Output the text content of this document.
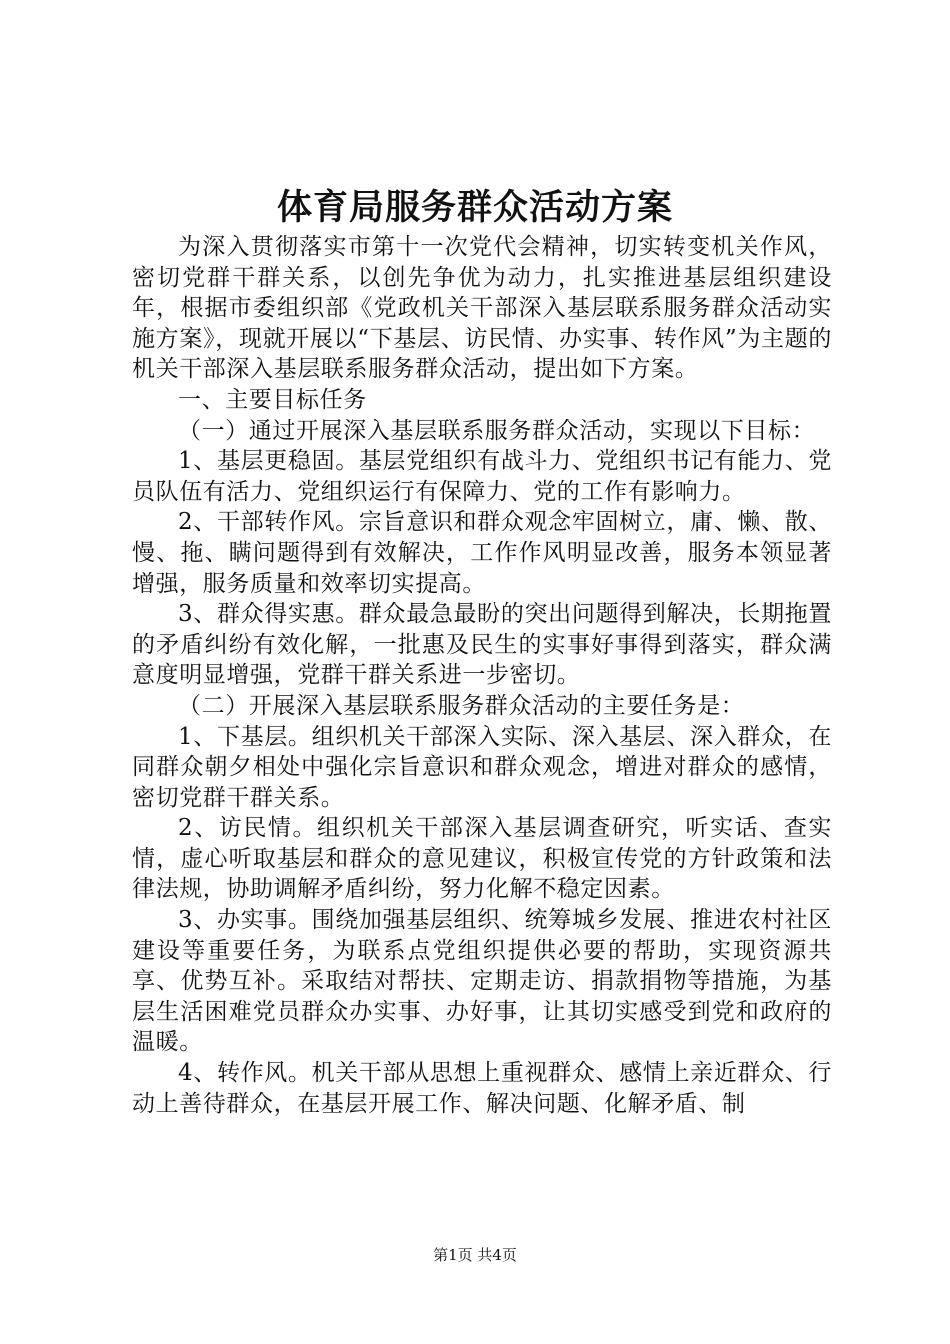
体育局服务群众活动方案

为深入贯彻落实市第十一次党代会精神，切实转变机关作风，密切党群干群关系，以创先争优为动力，扎实推进基层组织建设年，根据市委组织部《党政机关干部深入基层联系服务群众活动实施方案》，现就开展以“下基层、访民情、办实事、转作风”为主题的机关干部深入基层联系服务群众活动，提出如下方案。

一、主要目标任务

（一）通过开展深入基层联系服务群众活动，实现以下目标：

1、基层更稳固。基层党组织有战斗力、党组织书记有能力、党员队伍有活力、党组织运行有保障力、党的工作有影响力。

2、干部转作风。宗旨意识和群众观念牢固树立，庸、懒、散、慢、拖、瞒问题得到有效解决，工作作风明显改善，服务本领显著增强，服务质量和效率切实提高。

3、群众得实惠。群众最急最盼的突出问题得到解决，长期拖置的矛盾纠纷有效化解，一批惠及民生的实事好事得到落实，群众满意度明显增强，党群干群关系进一步密切。

（二）开展深入基层联系服务群众活动的主要任务是：

1、下基层。组织机关干部深入实际、深入基层、深入群众，在同群众朝夕相处中强化宗旨意识和群众观念，增进对群众的感情，密切党群干群关系。

2、访民情。组织机关干部深入基层调查研究，听实话、查实情，虚心听取基层和群众的意见建议，积极宣传党的方针政策和法律法规，协助调解矛盾纠纷，努力化解不稳定因素。

3、办实事。围绕加强基层组织、统筹城乡发展、推进农村社区建设等重要任务，为联系点党组织提供必要的帮助，实现资源共享、优势互补。采取结对帮扶、定期走访、捐款捐物等措施，为基层生活困难党员群众办实事、办好事，让其切实感受到党和政府的温暖。

4、转作风。机关干部从思想上重视群众、感情上亲近群众、行动上善待群众，在基层开展工作、解决问题、化解矛盾、制

第1页 共4页
